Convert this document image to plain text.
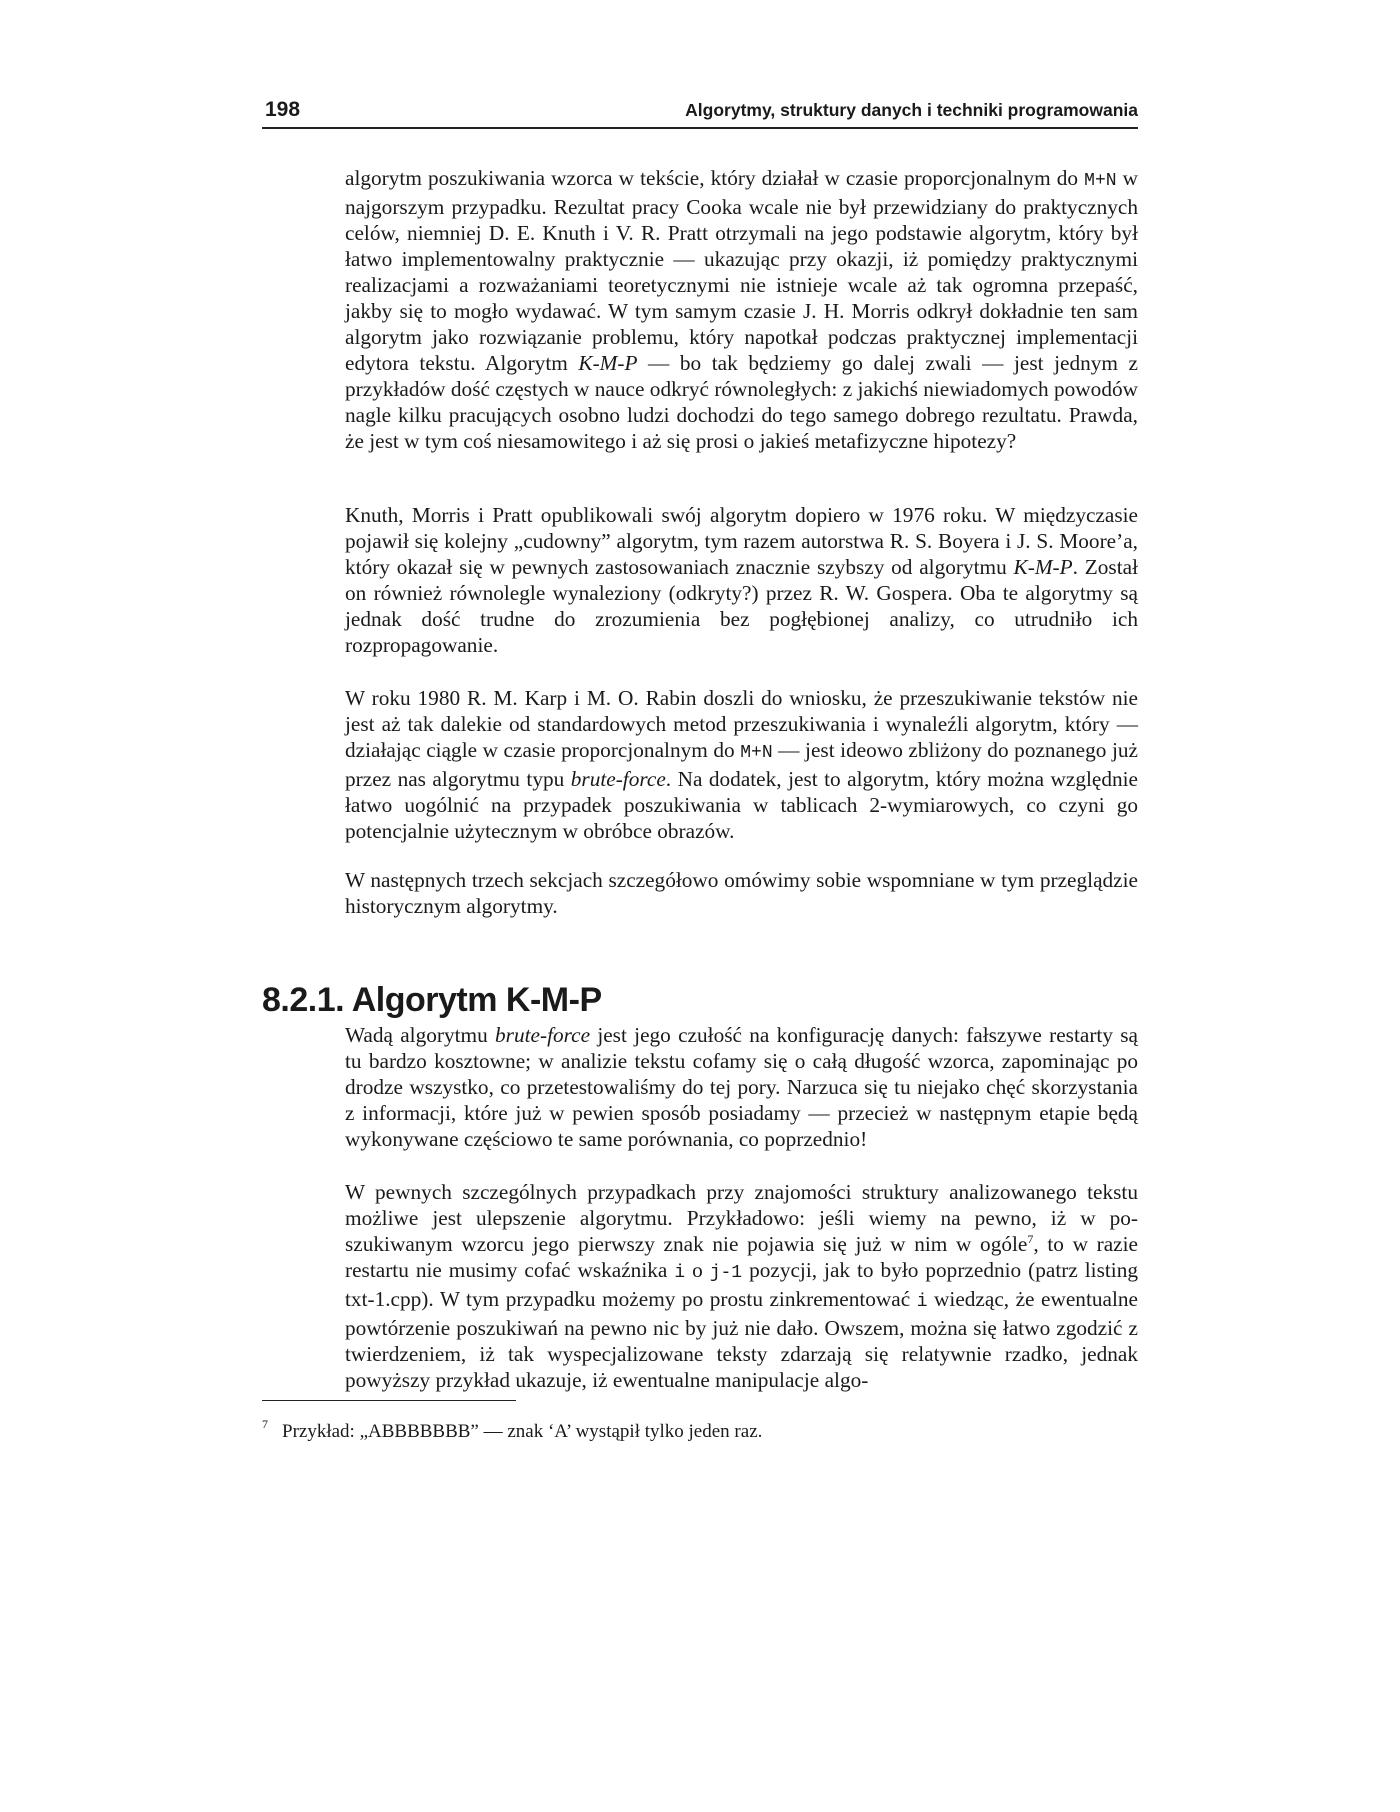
198	Algorytmy, struktury danych i techniki programowania
algorytm poszukiwania wzorca w tekście, który działał w czasie proporcjonalnym do M+N w najgorszym przypadku. Rezultat pracy Cooka wcale nie był przewidziany do praktycznych celów, niemniej D. E. Knuth i V. R. Pratt otrzymali na jego podstawie algorytm, który był łatwo implementowalny praktycznie — ukazując przy okazji, iż pomiędzy praktycznymi realizacjami a rozważaniami teoretycznymi nie istnieje wcale aż tak ogromna przepaść, jakby się to mogło wydawać. W tym samym czasie J. H. Morris odkrył dokładnie ten sam algorytm jako rozwiązanie problemu, który napotkał podczas praktycznej implementacji edytora tekstu. Algorytm K-M-P — bo tak będziemy go dalej zwali — jest jednym z przykładów dość częstych w nauce odkryć równoległych: z jakichś niewiadomych powodów nagle kilku pracujących osobno ludzi dochodzi do tego samego dobrego rezultatu. Prawda, że jest w tym coś niesamowitego i aż się prosi o jakieś metafizyczne hipotezy?
Knuth, Morris i Pratt opublikowali swój algorytm dopiero w 1976 roku. W międzyczasie pojawił się kolejny „cudowny” algorytm, tym razem autorstwa R. S. Boyera i J. S. Moore’a, który okazał się w pewnych zastosowaniach znacznie szybszy od algorytmu K-M-P. Został on również równolegle wynaleziony (odkryty?) przez R. W. Gospera. Oba te algorytmy są jednak dość trudne do zrozumienia bez pogłębionej analizy, co utrudniło ich rozpropagowanie.
W roku 1980 R. M. Karp i M. O. Rabin doszli do wniosku, że przeszukiwanie tekstów nie jest aż tak dalekie od standardowych metod przeszukiwania i wynaleźli algorytm, który — działając ciągle w czasie proporcjonalnym do M+N — jest ideowo zbliżony do poznanego już przez nas algorytmu typu brute-force. Na dodatek, jest to algorytm, który można względnie łatwo uogólnić na przypadek poszukiwania w tablicach 2-wymiarowych, co czyni go potencjalnie użytecznym w obróbce obrazów.
W następnych trzech sekcjach szczegółowo omówimy sobie wspomniane w tym przeglądzie historycznym algorytmy.
8.2.1. Algorytm K-M-P
Wadą algorytmu brute-force jest jego czułość na konfigurację danych: fałszywe restarty są tu bardzo kosztowne; w analizie tekstu cofamy się o całą długość wzorca, zapominając po drodze wszystko, co przetestowaliśmy do tej pory. Narzuca się tu niejako chęć skorzystania z informacji, które już w pewien sposób posiadamy — przecież w następnym etapie będą wykonywane częściowo te same porównania, co poprzednio!
W pewnych szczególnych przypadkach przy znajomości struktury analizowanego tekstu możliwe jest ulepszenie algorytmu. Przykładowo: jeśli wiemy na pewno, iż w poszukiwanym wzorcu jego pierwszy znak nie pojawia się już w nim w ogóle$^7$, to w razie restartu nie musimy cofać wskaźnika i o j-1 pozycji, jak to było poprzednio (patrz listing txt-1.cpp). W tym przypadku możemy po prostu zinkrementować i wiedząc, że ewentualne powtórzenie poszukiwań na pewno nic by już nie dało. Owszem, można się łatwo zgodzić z twierdzeniem, iż tak wyspecjalizowane teksty zdarzają się relatywnie rzadko, jednak powyższy przykład ukazuje, iż ewentualne manipulacje algo-
7 Przykład: „ABBBBBBB” — znak ‘A’ wystąpił tylko jeden raz.
